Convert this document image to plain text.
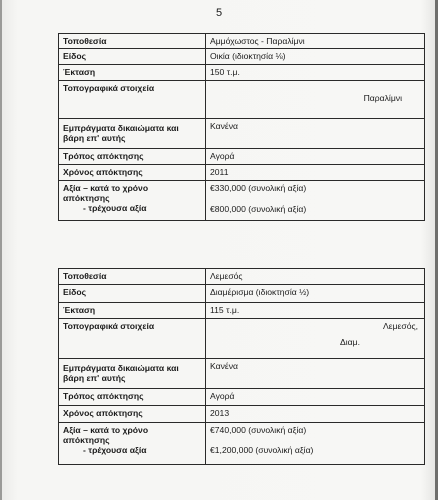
5
Τοποθεσία	Αμμόχωστος - Παραλίμνι
Είδος	Οικία (ιδιοκτησία ⅛)
Έκταση	150 τ.μ.
Τοπογραφικά στοιχεία	Παραλίμνι

Εμπράγματα δικαιώματα και
βάρη επ' αυτής	Κανένα
Τρόπος απόκτησης	Αγορά
Χρόνος απόκτησης	2011

Αξία – κατά το χρόνο
απόκτησης
- τρέχουσα αξία	€330,000 (συνολική αξία)
€800,000 (συνολική αξία)
Τοποθεσία	Λεμεσός
Είδος	Διαμέρισμα (ιδιοκτησία ½)
Έκταση	115 τ.μ.
Τοπογραφικά στοιχεία	Λεμεσός,
Διαμ.

Εμπράγματα δικαιώματα και
βάρη επ' αυτής	Κανένα
Τρόπος απόκτησης	Αγορά
Χρόνος απόκτησης	2013

Αξία – κατά το χρόνο
απόκτησης
- τρέχουσα αξία	€740,000 (συνολική αξία)
€1,200,000 (συνολική αξία)
